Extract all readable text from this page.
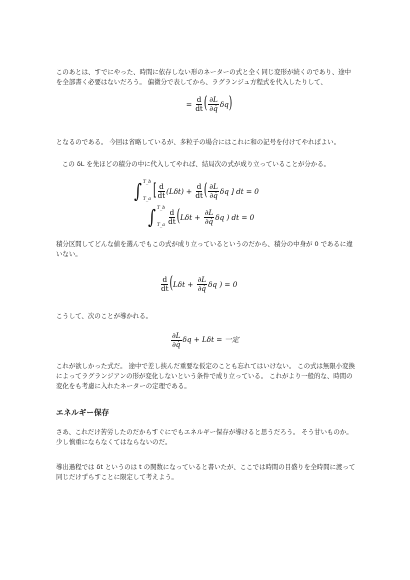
このあとは、すでにやった、時間に依存しない形のネーターの式と全く同じ変形が続くのであり、途中を全部書く必要はないだろう。 偏微分で表してから、ラグランジュ方程式を代入したりして、

=
$\frac{d}{dt}$ ( $\frac{\partial L}{\partial q̇}$ δq )

となるのである。 今回は省略しているが、多粒子の場合にはこれに和の記号を付けてやればよい。

この δL を先ほどの積分の中に代入してやれば、結局次の式が成り立っていることが分かる。

∫ T_b
T_a [ $\frac{d}{dt} (L\delta t)$ +
$\frac{d}{dt}$ ( $\frac{\partial L}{\partial q̇}$ δq ] dt = 0
∫ T_b
T_a
$\frac{d}{dt}$ ( Lδt +
$\frac{\partial L}{\partial q̇}$ δq ) dt = 0

積分区間してどんな値を選んでもこの式が成り立っているというのだから、積分の中身が 0 であるに違いない。

$\frac{d}{dt}$ ( Lδt +
$\frac{\partial L}{\partial q̇}$ δq ) = 0

こうして、次のことが導かれる。

$\frac{\partial L}{\partial q̇}$ δq + Lδt = 一定

これが欲しかった式だ。 途中で差し挟んだ重要な仮定のことも忘れてはいけない。 この式は無限小変換によってラグランジアンの形が変化しないという条件で成り立っている。 これがより一般的な、時間の変化をも考慮に入れたネーターの定理である。

エネルギー保存

さあ、これだけ苦労したのだからすぐにでもエネルギー保存が導けると思うだろう。 そう甘いものか。 少し慎重にならなくてはならないのだ。

導出過程では δt というのは t の関数になっていると書いたが、ここでは時間の目盛りを全時間に渡って同じだけずらすことに限定して考えよう。
